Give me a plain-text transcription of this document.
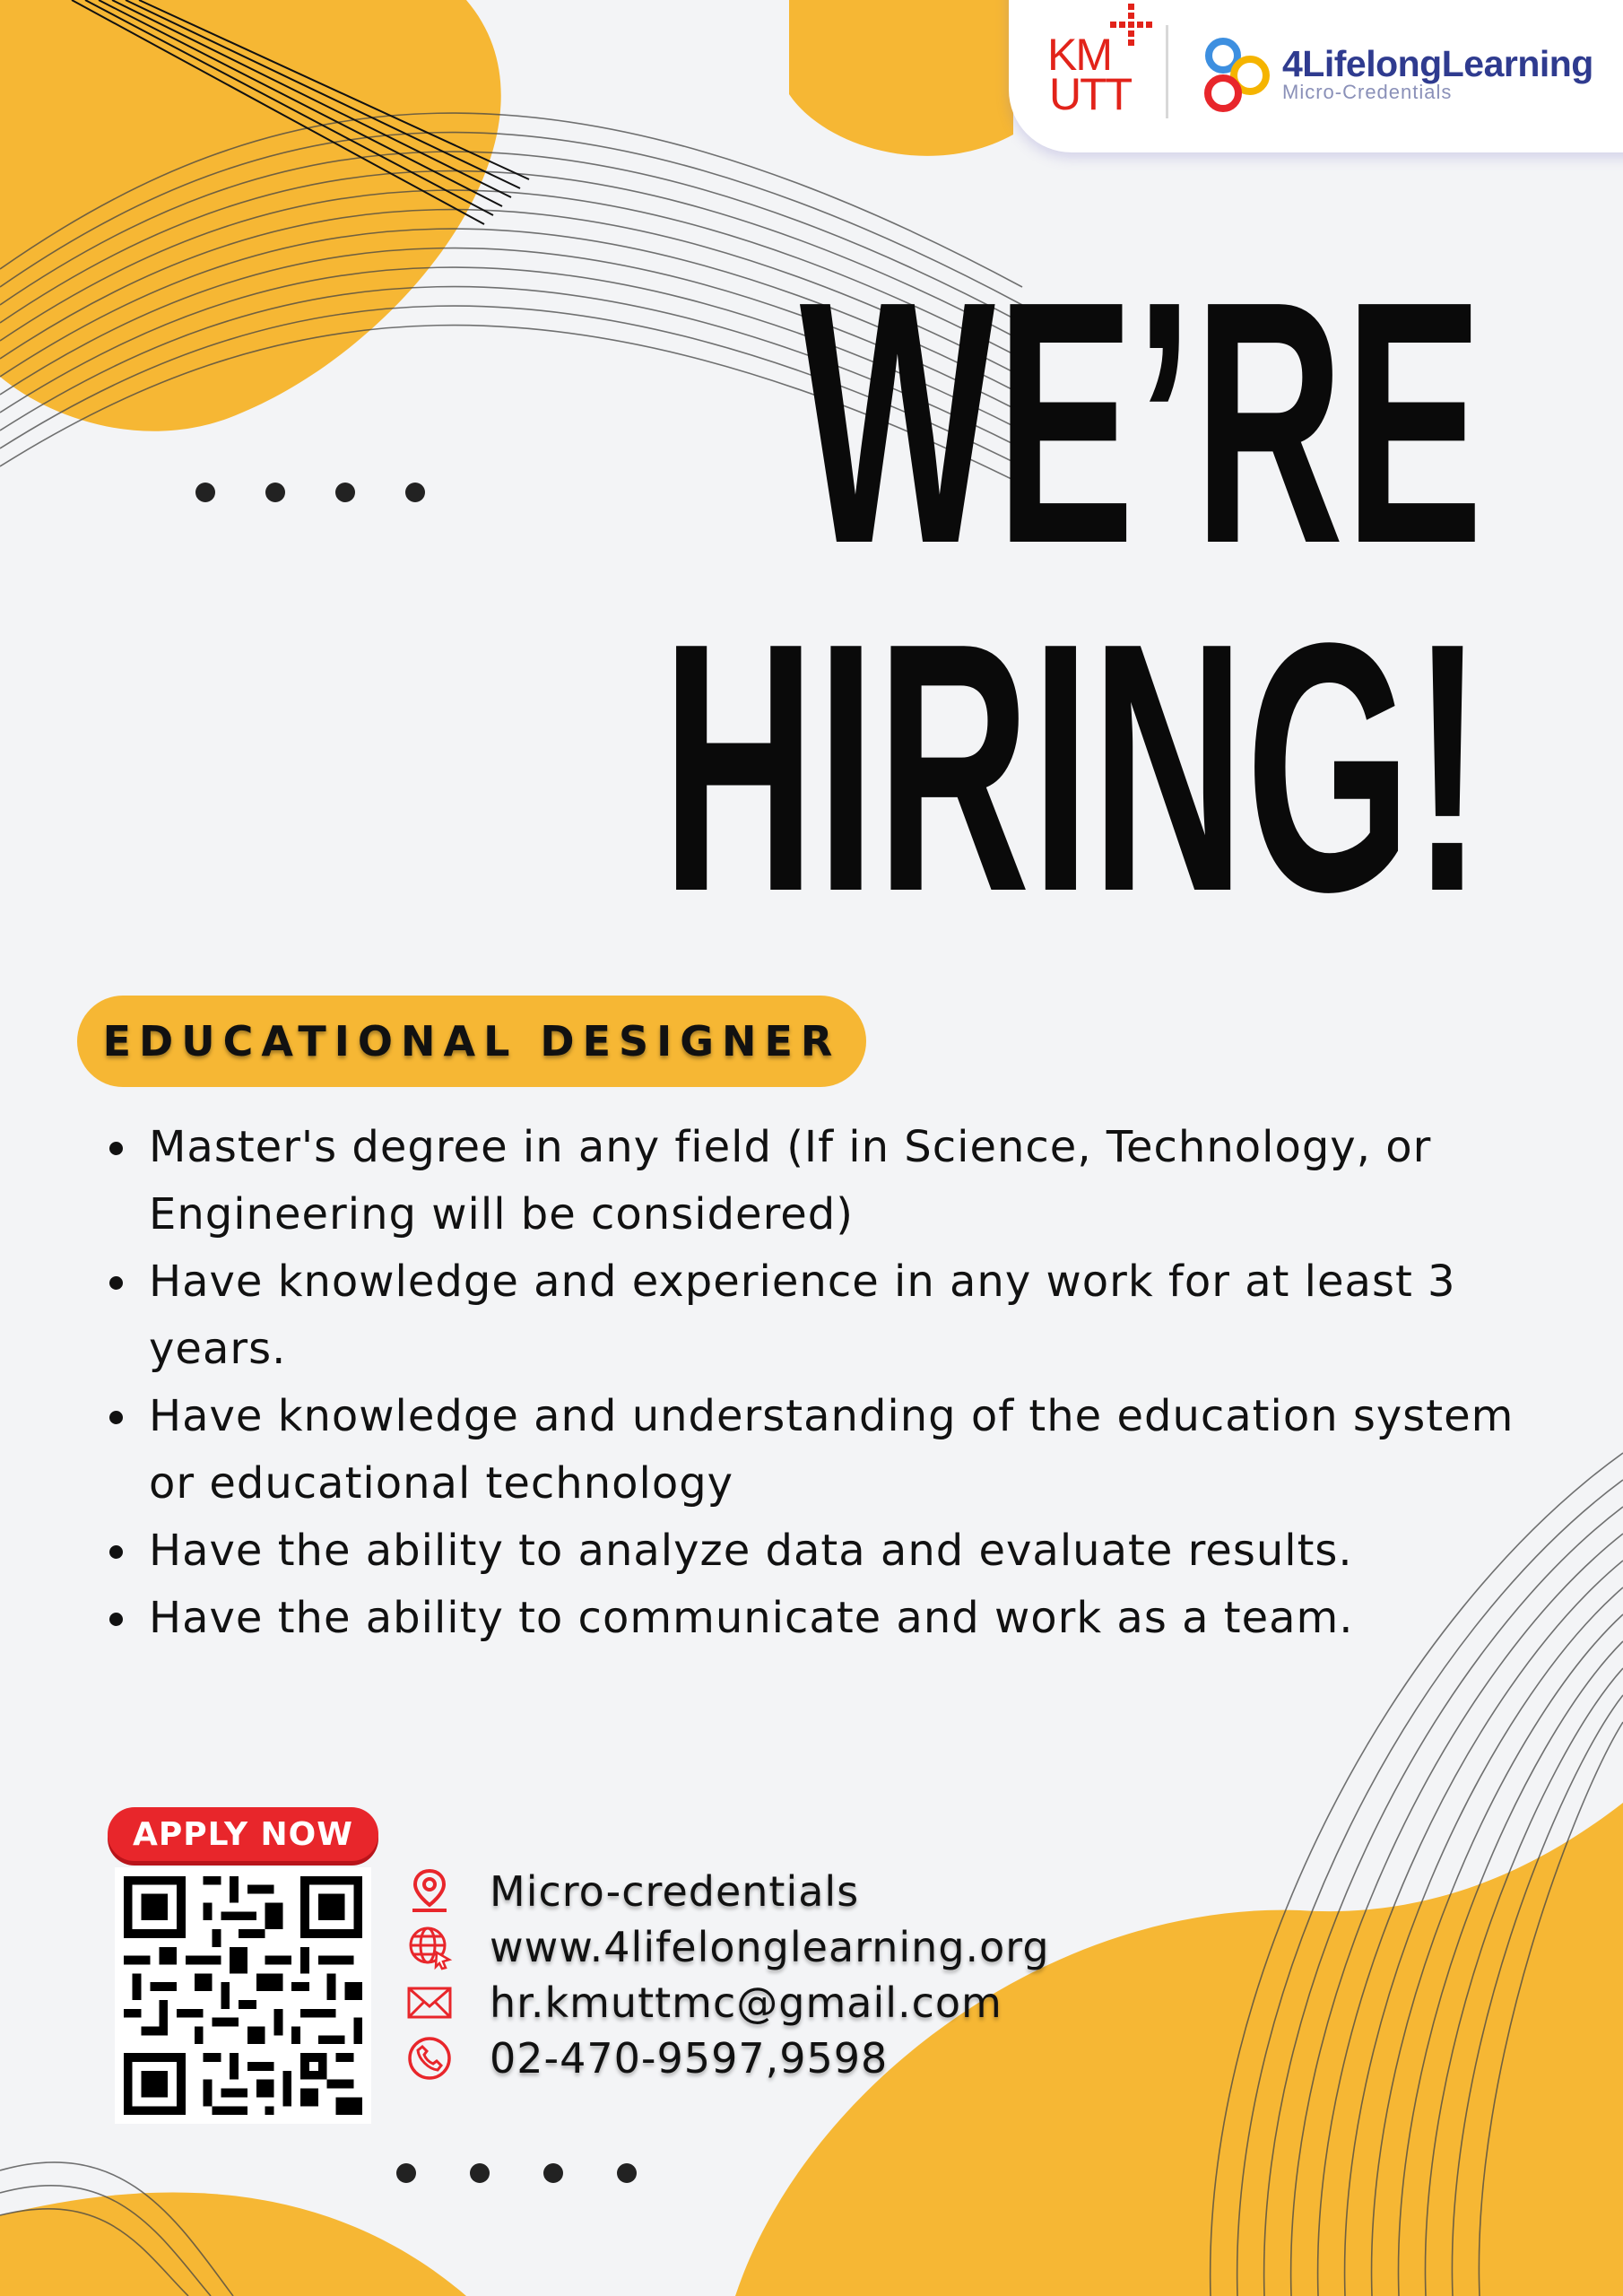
KM
UTT
4LifelongLearning
Micro-Credentials
WE’RE
HIRING!
EDUCATIONAL DESIGNER
• Master's degree in any field (If in Science, Technology, or Engineering will be considered)
• Have knowledge and experience in any work for at least 3 years.
• Have knowledge and understanding of the education system or educational technology
• Have the ability to analyze data and evaluate results.
• Have the ability to communicate and work as a team.
APPLY NOW
Micro-credentials
www.4lifelonglearning.org
hr.kmuttmc@gmail.com
02-470-9597,9598
